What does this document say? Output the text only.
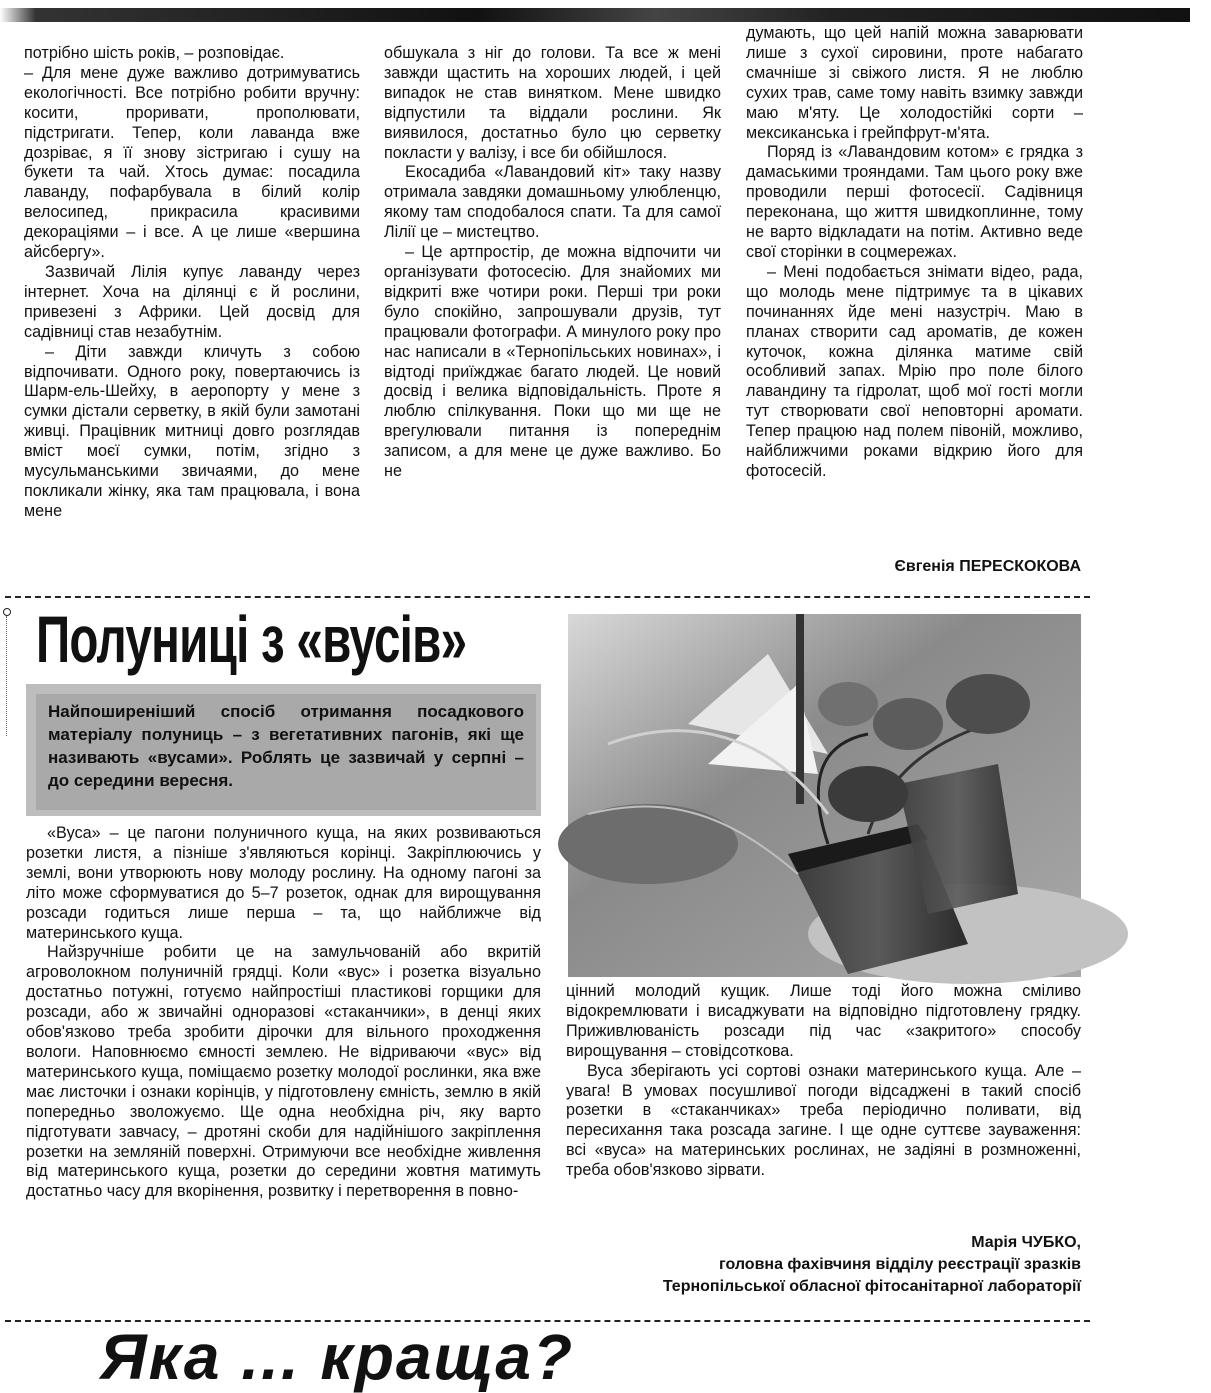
потрібно шість років, – розповідає.

– Для мене дуже важливо дотримуватись екологічності. Все потрібно робити вручну: косити, проривати, прополювати, підстригати. Тепер, коли лаванда вже дозріває, я її знову зістригаю і сушу на букети та чай. Хтось думає: посадила лаванду, пофарбувала в білий колір велосипед, прикрасила красивими декораціями – і все. А це лише «вершина айсбергу».

Зазвичай Лілія купує лаванду через інтернет. Хоча на ділянці є й рослини, привезені з Африки. Цей досвід для садівниці став незабутнім.

– Діти завжди кличуть з собою відпочивати. Одного року, повертаючись із Шарм-ель-Шейху, в аеропорту у мене з сумки дістали серветку, в якій були замотані живці. Працівник митниці довго розглядав вміст моєї сумки, потім, згідно з мусульманськими звичаями, до мене покликали жінку, яка там працювала, і вона мене

обшукала з ніг до голови. Та все ж мені завжди щастить на хороших людей, і цей випадок не став винятком. Мене швидко відпустили та віддали рослини. Як виявилося, достатньо було цю серветку покласти у валізу, і все би обійшлося.

Екосадиба «Лавандовий кіт» таку назву отримала завдяки домашньому улюбленцю, якому там сподобалося спати. Та для самої Лілії це – мистецтво.

– Це артпростір, де можна відпочити чи організувати фотосесію. Для знайомих ми відкриті вже чотири роки. Перші три роки було спокійно, запрошували друзів, тут працювали фотографи. А минулого року про нас написали в «Тернопільських новинах», і відтоді приїжджає багато людей. Це новий досвід і велика відповідальність. Проте я люблю спілкування. Поки що ми ще не врегулювали питання із попереднім записом, а для мене це дуже важливо. Бо не

думають, що цей напій можна заварювати лише з сухої сировини, проте набагато смачніше зі свіжого листя. Я не люблю сухих трав, саме тому навіть взимку завжди маю м'яту. Це холодостійкі сорти – мексиканська і грейпфрут-м'ята.

Поряд із «Лавандовим котом» є грядка з дамаськими трояндами. Там цього року вже проводили перші фотосесії. Садівниця переконана, що життя швидкоплинне, тому не варто відкладати на потім. Активно веде свої сторінки в соцмережах.

– Мені подобається знімати відео, рада, що молодь мене підтримує та в цікавих починаннях йде мені назустріч. Маю в планах створити сад ароматів, де кожен куточок, кожна ділянка матиме свій особливий запах. Мрію про поле білого лавандину та гідролат, щоб мої гості могли тут створювати свої неповторні аромати. Тепер працюю над полем півоній, можливо, найближчими роками відкрию його для фотосесій.

Євгенія ПЕРЕСКОКОВА
Полуниці з «вусів»
Найпоширеніший спосіб отримання посадкового матеріалу полуниць – з вегетативних пагонів, які ще називають «вусами». Роблять це зазвичай у серпні – до середини вересня.

«Вуса» – це пагони полуничного куща, на яких розвиваються розетки листя, а пізніше з'являються корінці. Закріплюючись у землі, вони утворюють нову молоду рослину. На одному пагоні за літо може сформуватися до 5–7 розеток, однак для вирощування розсади годиться лише перша – та, що найближче від материнського куща.

Найзручніше робити це на замульчованій або вкритій агроволокном полуничній грядці. Коли «вус» і розетка візуально достатньо потужні, готуємо найпростіші пластикові горщики для розсади, або ж звичайні одноразові «стаканчики», в денці яких обов'язково треба зробити дірочки для вільного проходження вологи. Наповнюємо ємності землею. Не відриваючи «вус» від материнського куща, поміщаємо розетку молодої рослинки, яка вже має листочки і ознаки корінців, у підготовлену ємність, землю в якій попередньо зволожуємо. Ще одна необхідна річ, яку варто підготувати завчасу, – дротяні скоби для надійнішого закріплення розетки на земляній поверхні. Отримуючи все необхідне живлення від материнського куща, розетки до середини жовтня матимуть достатньо часу для вкорінення, розвитку і перетворення в повно-

цінний молодий кущик. Лише тоді його можна сміливо відокремлювати і висаджувати на відповідно підготовлену грядку. Приживлюваність розсади під час «закритого» способу вирощування – стовідсоткова.

Вуса зберігають усі сортові ознаки материнського куща. Але – увага! В умовах посушливої погоди відсаджені в такий спосіб розетки в «стаканчиках» треба періодично поливати, від пересихання така розсада загине. І ще одне суттєве зауваження: всі «вуса» на материнських рослинах, не задіяні в розмноженні, треба обов'язково зірвати.

Марія ЧУБКО,
головна фахівчиня відділу реєстрації зразків
Тернопільської обласної фітосанітарної лабораторії
Яка ... краща?
